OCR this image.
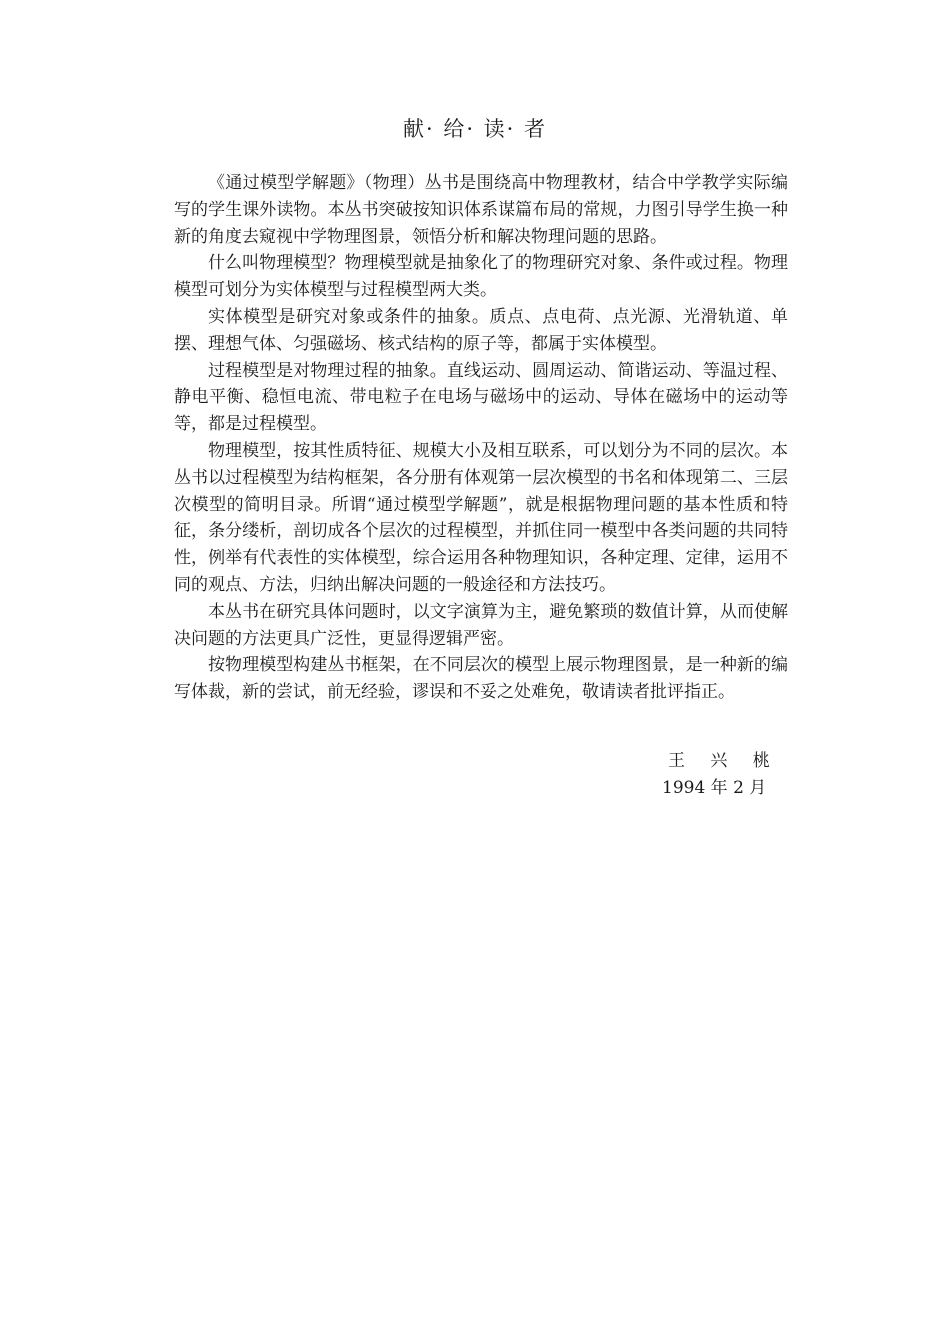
献· 给· 读· 者

《通过模型学解题》（物理）丛书是围绕高中物理教材，结合中学教学实际编写的学生课外读物。本丛书突破按知识体系谋篇布局的常规，力图引导学生换一种新的角度去窥视中学物理图景，领悟分析和解决物理问题的思路。

什么叫物理模型？物理模型就是抽象化了的物理研究对象、条件或过程。物理模型可划分为实体模型与过程模型两大类。

实体模型是研究对象或条件的抽象。质点、点电荷、点光源、光滑轨道、单摆、理想气体、匀强磁场、核式结构的原子等，都属于实体模型。

过程模型是对物理过程的抽象。直线运动、圆周运动、简谐运动、等温过程、静电平衡、稳恒电流、带电粒子在电场与磁场中的运动、导体在磁场中的运动等等，都是过程模型。

物理模型，按其性质特征、规模大小及相互联系，可以划分为不同的层次。本丛书以过程模型为结构框架，各分册有体观第一层次模型的书名和体现第二、三层次模型的简明目录。所谓“通过模型学解题”，就是根据物理问题的基本性质和特征，条分缕析，剖切成各个层次的过程模型，并抓住同一模型中各类问题的共同特性，例举有代表性的实体模型，综合运用各种物理知识，各种定理、定律，运用不同的观点、方法，归纳出解决问题的一般途径和方法技巧。

本丛书在研究具体问题时，以文字演算为主，避免繁琐的数值计算，从而使解决问题的方法更具广泛性，更显得逻辑严密。

按物理模型构建丛书框架，在不同层次的模型上展示物理图景，是一种新的编写体裁，新的尝试，前无经验，谬误和不妥之处难免，敬请读者批评指正。

王 兴 桃
1994 年 2 月
